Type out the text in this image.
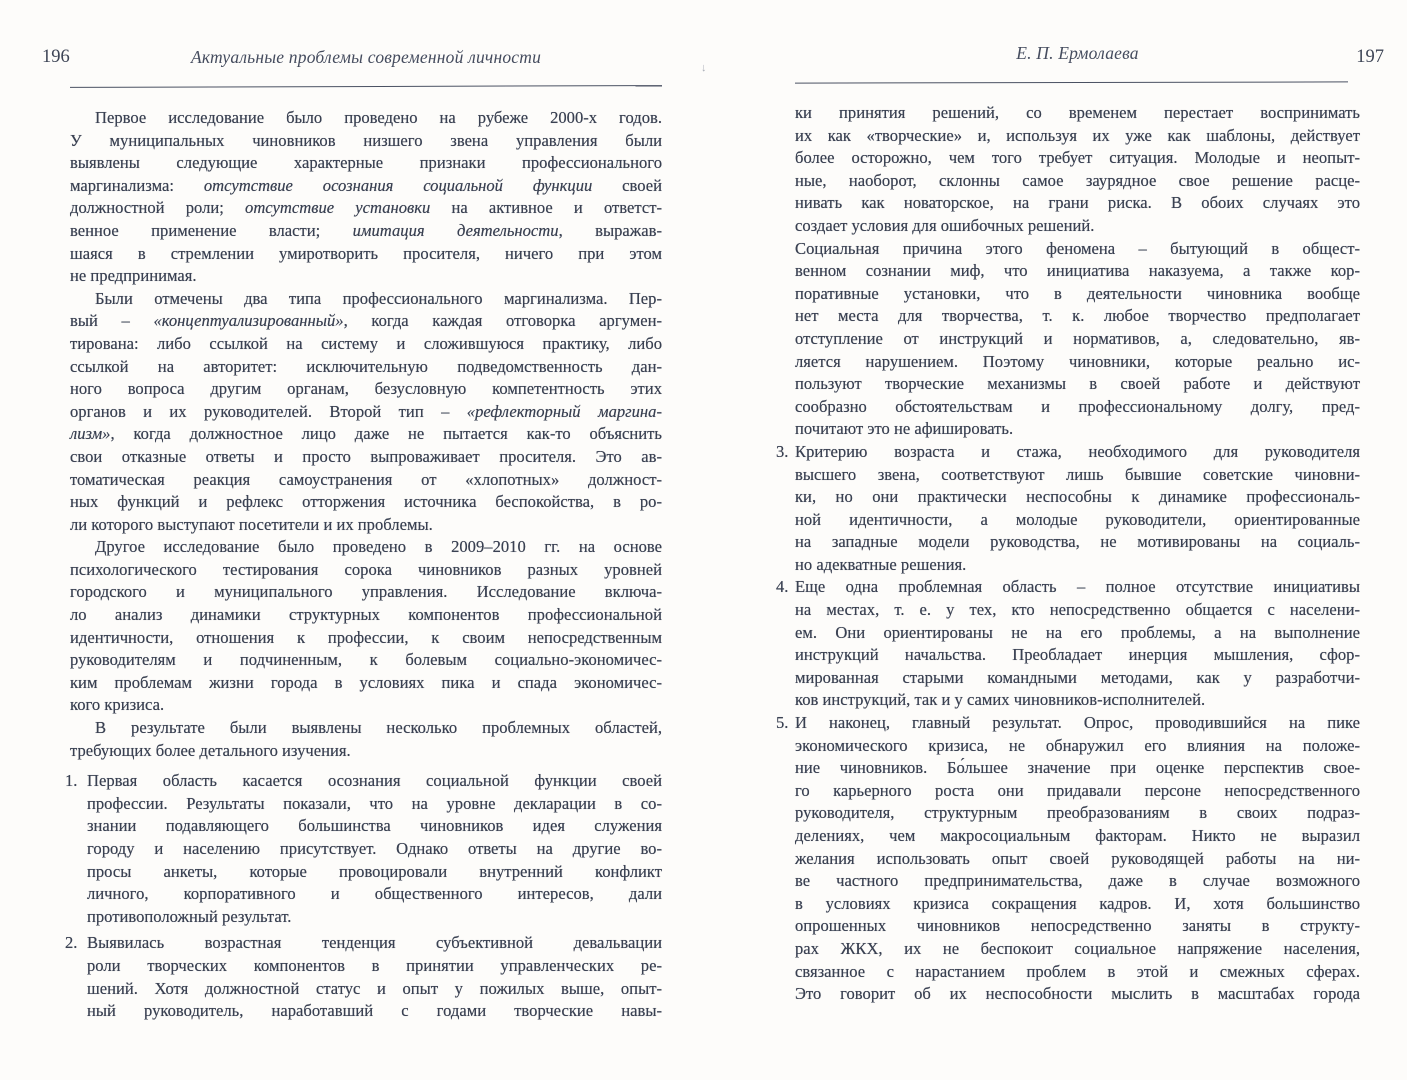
196	Актуальные проблемы современной личности
Первое исследование было проведено на рубеже 2000-х годов.
У муниципальных чиновников низшего звена управления были
выявлены следующие характерные признаки профессионального
маргинализма: отсутствие осознания социальной функции своей
должностной роли; отсутствие установки на активное и ответст-
венное применение власти; имитация деятельности, выражав-
шаяся в стремлении умиротворить просителя, ничего при этом
не предпринимая.
Были отмечены два типа профессионального маргинализма. Пер-
вый – «концептуализированный», когда каждая отговорка аргумен-
тирована: либо ссылкой на систему и сложившуюся практику, либо
ссылкой на авторитет: исключительную подведомственность дан-
ного вопроса другим органам, безусловную компетентность этих
органов и их руководителей. Второй тип – «рефлекторный маргина-
лизм», когда должностное лицо даже не пытается как-то объяснить
свои отказные ответы и просто выпроваживает просителя. Это ав-
томатическая реакция самоустранения от «хлопотных» должност-
ных функций и рефлекс отторжения источника беспокойства, в ро-
ли которого выступают посетители и их проблемы.
Другое исследование было проведено в 2009–2010 гг. на основе
психологического тестирования сорока чиновников разных уровней
городского и муниципального управления. Исследование включа-
ло анализ динамики структурных компонентов профессиональной
идентичности, отношения к профессии, к своим непосредственным
руководителям и подчиненным, к болевым социально-экономичес-
ким проблемам жизни города в условиях пика и спада экономичес-
кого кризиса.
В результате были выявлены несколько проблемных областей,
требующих более детального изучения.
1. Первая область касается осознания социальной функции своей
профессии. Результаты показали, что на уровне декларации в со-
знании подавляющего большинства чиновников идея служения
городу и населению присутствует. Однако ответы на другие во-
просы анкеты, которые провоцировали внутренний конфликт
личного, корпоративного и общественного интересов, дали
противоположный результат.
2. Выявилась возрастная тенденция субъективной девальвации
роли творческих компонентов в принятии управленческих ре-
шений. Хотя должностной статус и опыт у пожилых выше, опыт-
ный руководитель, наработавший с годами творческие навы-
Е. П. Ермолаева	197
ки принятия решений, со временем перестает воспринимать
их как «творческие» и, используя их уже как шаблоны, действует
более осторожно, чем того требует ситуация. Молодые и неопыт-
ные, наоборот, склонны самое заурядное свое решение расце-
нивать как новаторское, на грани риска. В обоих случаях это
создает условия для ошибочных решений.
Социальная причина этого феномена – бытующий в общест-
венном сознании миф, что инициатива наказуема, а также кор-
поративные установки, что в деятельности чиновника вообще
нет места для творчества, т. к. любое творчество предполагает
отступление от инструкций и нормативов, а, следовательно, яв-
ляется нарушением. Поэтому чиновники, которые реально ис-
пользуют творческие механизмы в своей работе и действуют
сообразно обстоятельствам и профессиональному долгу, пред-
почитают это не афишировать.
3. Критерию возраста и стажа, необходимого для руководителя
высшего звена, соответствуют лишь бывшие советские чиновни-
ки, но они практически неспособны к динамике профессиональ-
ной идентичности, а молодые руководители, ориентированные
на западные модели руководства, не мотивированы на социаль-
но адекватные решения.
4. Еще одна проблемная область – полное отсутствие инициативы
на местах, т. е. у тех, кто непосредственно общается с населени-
ем. Они ориентированы не на его проблемы, а на выполнение
инструкций начальства. Преобладает инерция мышления, сфор-
мированная старыми командными методами, как у разработчи-
ков инструкций, так и у самих чиновников-исполнителей.
5. И наконец, главный результат. Опрос, проводившийся на пике
экономического кризиса, не обнаружил его влияния на положе-
ние чиновников. Бо́льшее значение при оценке перспектив свое-
го карьерного роста они придавали персоне непосредственного
руководителя, структурным преобразованиям в своих подраз-
делениях, чем макросоциальным факторам. Никто не выразил
желания использовать опыт своей руководящей работы на ни-
ве частного предпринимательства, даже в случае возможного
в условиях кризиса сокращения кадров. И, хотя большинство
опрошенных чиновников непосредственно заняты в структу-
рах ЖКХ, их не беспокоит социальное напряжение населения,
связанное с нарастанием проблем в этой и смежных сферах.
Это говорит об их неспособности мыслить в масштабах города
↓
